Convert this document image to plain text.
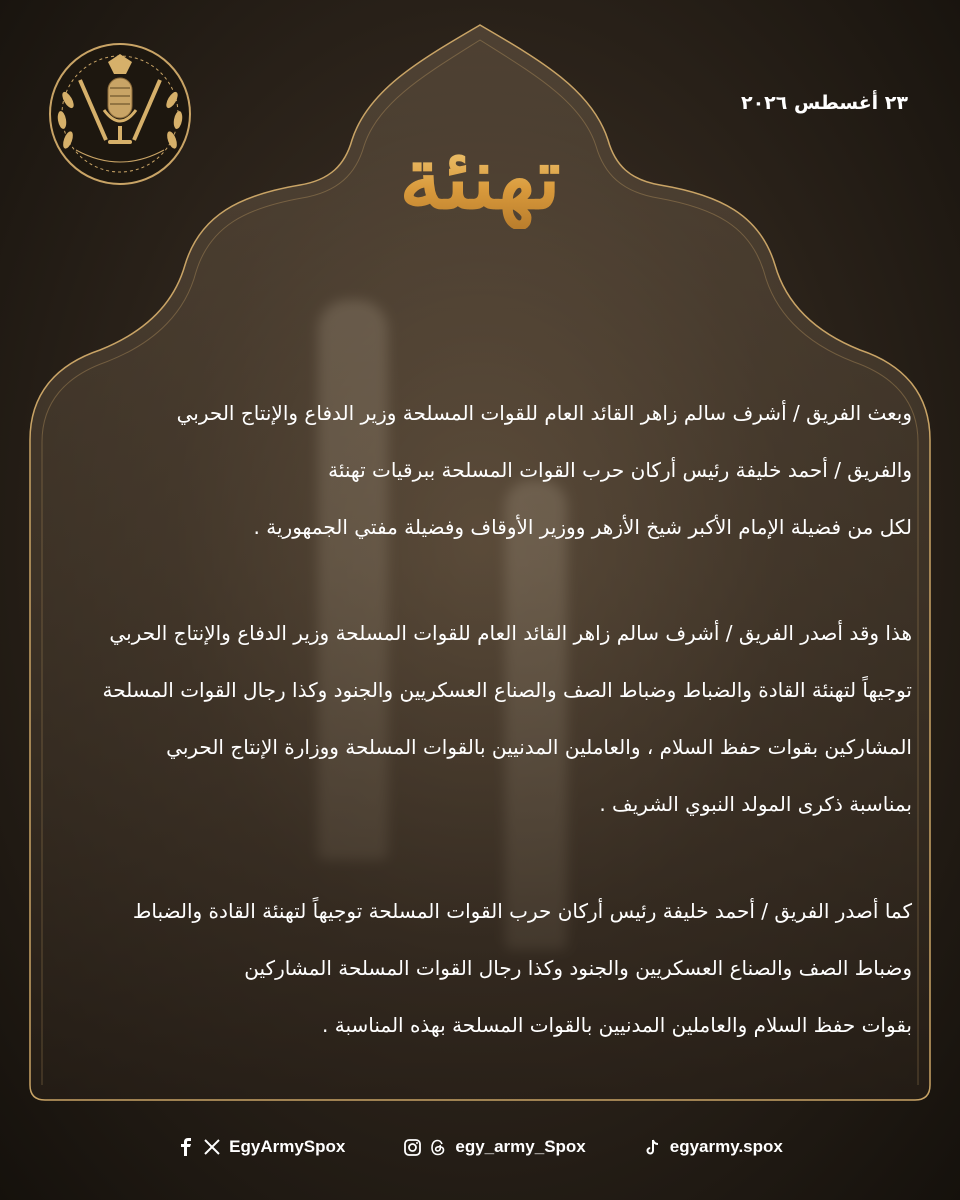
٢٣ أغسطس ٢٠٢٦
تهنئة

وبعث الفريق / أشرف سالم زاهر القائد العام للقوات المسلحة وزير الدفاع والإنتاج الحربي

والفريق / أحمد خليفة رئيس أركان حرب القوات المسلحة ببرقيات تهنئة

لكل من فضيلة الإمام الأكبر شيخ الأزهر ووزير الأوقاف وفضيلة مفتي الجمهورية .

هذا وقد أصدر الفريق / أشرف سالم زاهر القائد العام للقوات المسلحة وزير الدفاع والإنتاج الحربي

توجيهاً لتهنئة القادة والضباط وضباط الصف والصناع العسكريين والجنود وكذا رجال القوات المسلحة

المشاركين بقوات حفظ السلام ، والعاملين المدنيين بالقوات المسلحة ووزارة الإنتاج الحربي

بمناسبة ذكرى المولد النبوي الشريف .

كما أصدر الفريق / أحمد خليفة رئيس أركان حرب القوات المسلحة توجيهاً لتهنئة القادة والضباط

وضباط الصف والصناع العسكريين والجنود وكذا رجال القوات المسلحة المشاركين

بقوات حفظ السلام والعاملين المدنيين بالقوات المسلحة بهذه المناسبة .

EgyArmySpox	egy_army_Spox	egyarmy.spox
